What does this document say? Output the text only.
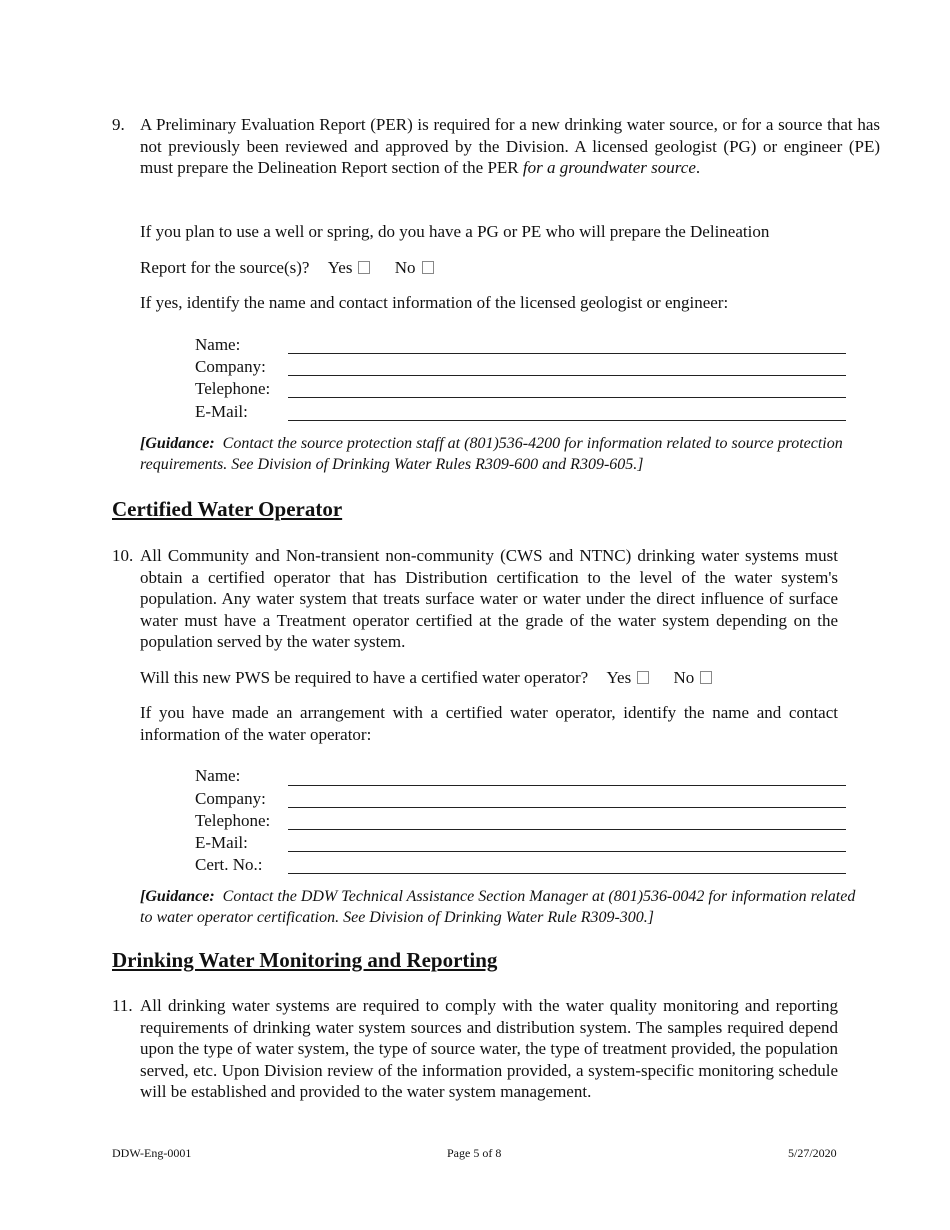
9. A Preliminary Evaluation Report (PER) is required for a new drinking water source, or for a source that has not previously been reviewed and approved by the Division. A licensed geologist (PG) or engineer (PE) must prepare the Delineation Report section of the PER for a groundwater source.
If you plan to use a well or spring, do you have a PG or PE who will prepare the Delineation
Report for the source(s)? Yes No
If yes, identify the name and contact information of the licensed geologist or engineer:
Name:
Company:
Telephone:
E-Mail:
[Guidance: Contact the source protection staff at (801)536-4200 for information related to source protection requirements. See Division of Drinking Water Rules R309-600 and R309-605.]
Certified Water Operator
10. All Community and Non-transient non-community (CWS and NTNC) drinking water systems must obtain a certified operator that has Distribution certification to the level of the water system's population. Any water system that treats surface water or water under the direct influence of surface water must have a Treatment operator certified at the grade of the water system depending on the population served by the water system.
Will this new PWS be required to have a certified water operator? Yes No
If you have made an arrangement with a certified water operator, identify the name and contact information of the water operator:
Name:
Company:
Telephone:
E-Mail:
Cert. No.:
[Guidance: Contact the DDW Technical Assistance Section Manager at (801)536-0042 for information related to water operator certification. See Division of Drinking Water Rule R309-300.]
Drinking Water Monitoring and Reporting
11. All drinking water systems are required to comply with the water quality monitoring and reporting requirements of drinking water system sources and distribution system. The samples required depend upon the type of water system, the type of source water, the type of treatment provided, the population served, etc. Upon Division review of the information provided, a system-specific monitoring schedule will be established and provided to the water system management.
DDW-Eng-0001	Page 5 of 8	5/27/2020
